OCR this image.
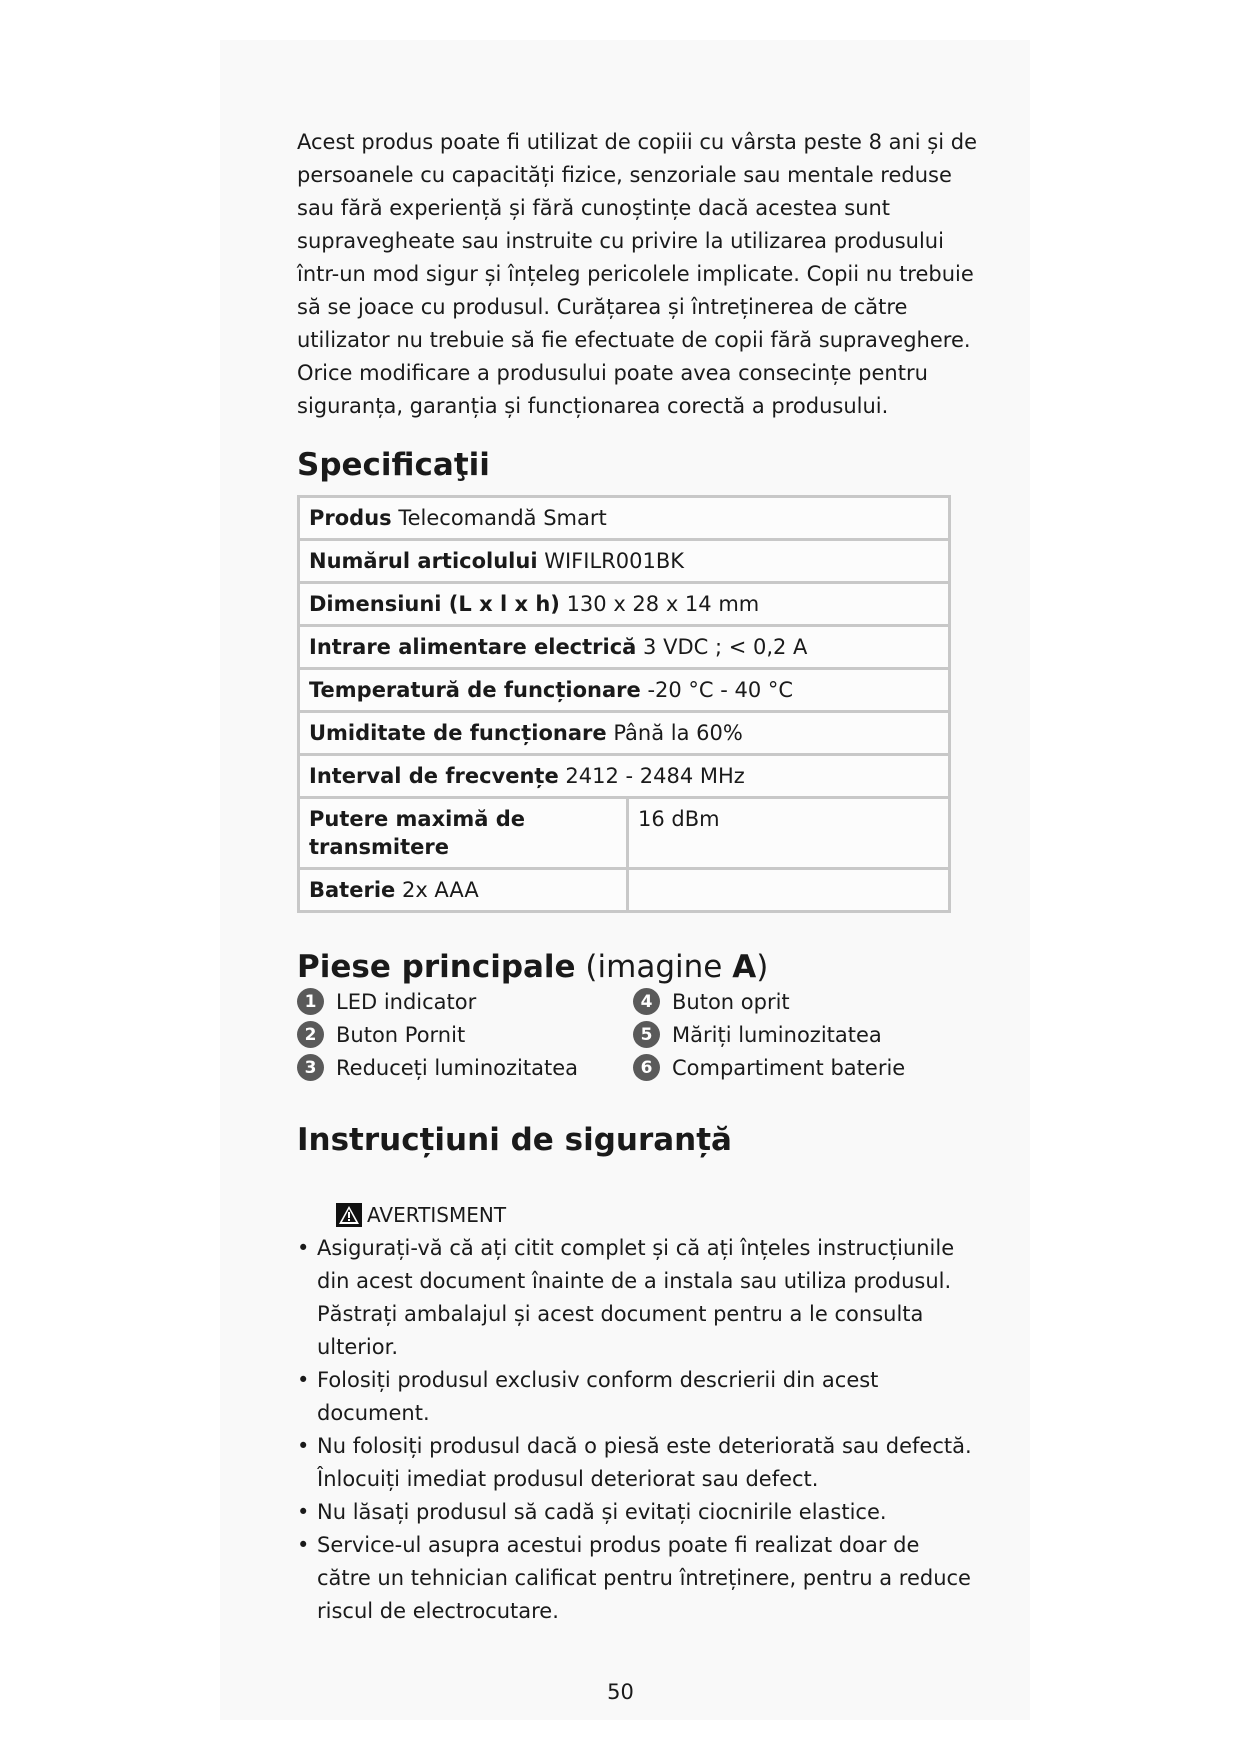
Acest produs poate fi utilizat de copiii cu vârsta peste 8 ani și de persoanele cu capacități fizice, senzoriale sau mentale reduse sau fără experiență și fără cunoștințe dacă acestea sunt supravegheate sau instruite cu privire la utilizarea produsului într-un mod sigur și înțeleg pericolele implicate. Copii nu trebuie să se joace cu produsul. Curățarea și întreținerea de către utilizator nu trebuie să fie efectuate de copii fără supraveghere.

Orice modificare a produsului poate avea consecințe pentru siguranța, garanția și funcționarea corectă a produsului.

Specificaţii
Produs Telecomandă Smart	
Numărul articolului WIFILR001BK	
Dimensiuni (L x l x h) 130 x 28 x 14 mm	
Intrare alimentare electrică 3 VDC ; < 0,2 A	
Temperatură de funcționare -20 °C - 40 °C	
Umiditate de funcționare Până la 60%	
Interval de frecvențe 2412 - 2484 MHz	
Putere maximă de transmitere	16 dBm
Baterie 2x AAA	
Piese principale (imagine A)
1 LED indicator	4 Buton oprit
2 Buton Pornit	5 Măriți luminozitatea
3 Reduceți luminozitatea	6 Compartiment baterie
Instrucțiuni de siguranță
AVERTISMENT
• Asigurați-vă că ați citit complet și că ați înțeles instrucțiunile din acest document înainte de a instala sau utiliza produsul. Păstrați ambalajul și acest document pentru a le consulta ulterior.
• Folosiți produsul exclusiv conform descrierii din acest document.
• Nu folosiți produsul dacă o piesă este deteriorată sau defectă. Înlocuiți imediat produsul deteriorat sau defect.
• Nu lăsați produsul să cadă și evitați ciocnirile elastice.
• Service-ul asupra acestui produs poate fi realizat doar de către un tehnician calificat pentru întreținere, pentru a reduce riscul de electrocutare.
50
